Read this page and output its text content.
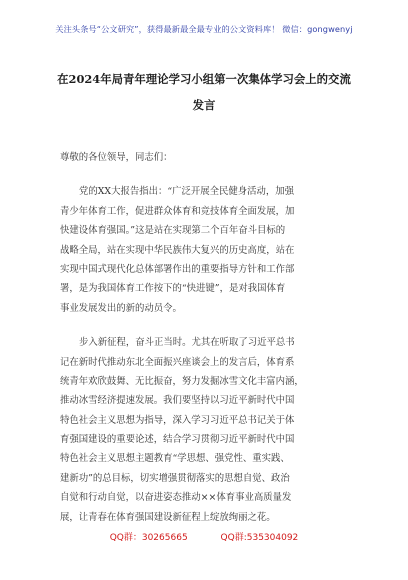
关注头条号“公文研究”，获得最新最全最专业的公文资料库！ 微信：gongwenyj
在2024年局青年理论学习小组第一次集体学习会上的交流
发言
尊敬的各位领导，同志们：
党的XX大报告指出：“广泛开展全民健身活动，加强
青少年体育工作，促进群众体育和竞技体育全面发展，加
快建设体育强国。”这是站在实现第二个百年奋斗目标的
战略全局，站在实现中华民族伟大复兴的历史高度，站在
实现中国式现代化总体部署作出的重要指导方针和工作部
署，是为我国体育工作按下的“快进键”，是对我国体育
事业发展发出的新的动员令。
步入新征程，奋斗正当时。尤其在听取了习近平总书
记在新时代推动东北全面振兴座谈会上的发言后，体育系
统青年欢欣鼓舞、无比振奋，努力发掘冰雪文化丰富内涵，
推动冰雪经济提速发展。我们要坚持以习近平新时代中国
特色社会主义思想为指导，深入学习习近平总书记关于体
育强国建设的重要论述，结合学习贯彻习近平新时代中国
特色社会主义思想主题教育“学思想、强党性、重实践、
建新功”的总目标，切实增强贯彻落实的思想自觉、政治
自觉和行动自觉，以奋进姿态推动××体育事业高质量发
展，让青春在体育强国建设新征程上绽放绚丽之花。
QQ群：30265665	QQ群:535304092
